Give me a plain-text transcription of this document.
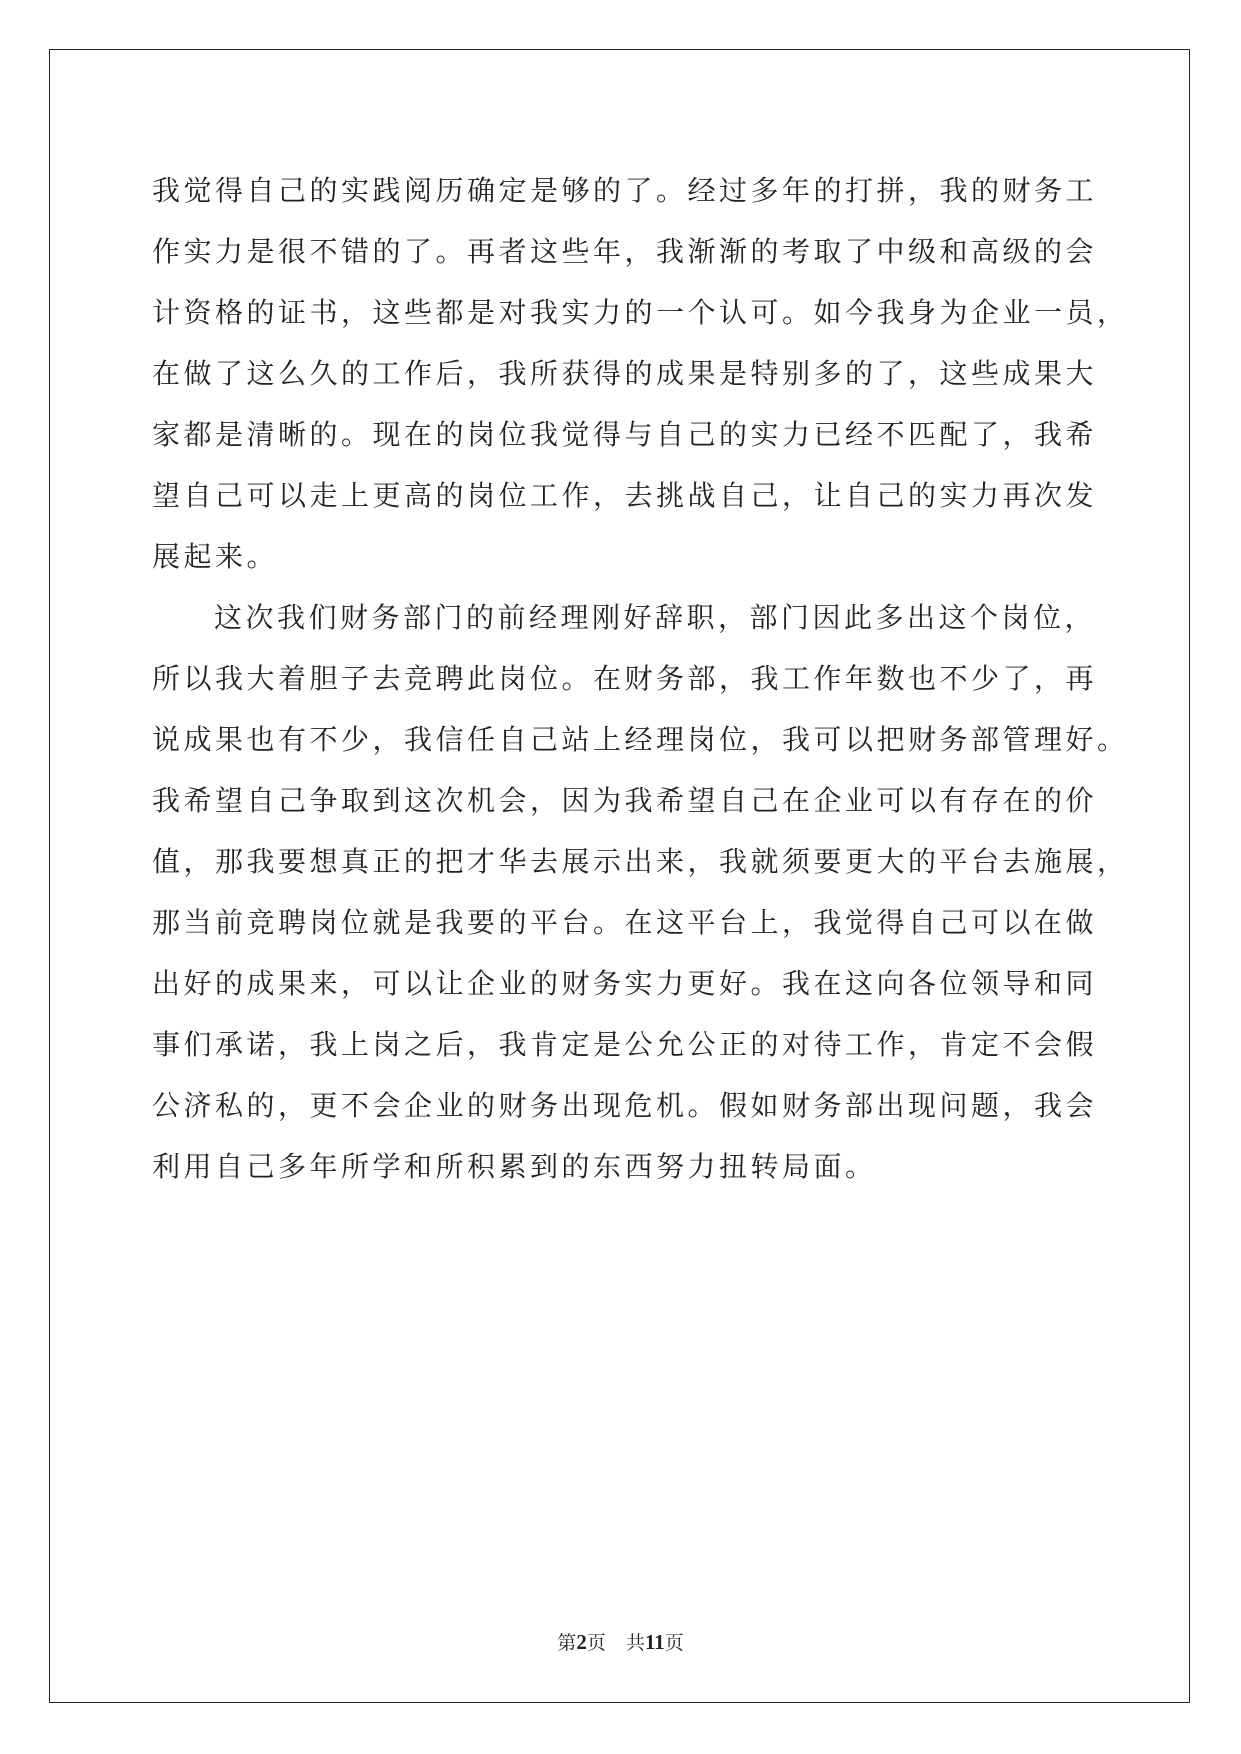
我觉得自己的实践阅历确定是够的了。经过多年的打拼，我的财务工
作实力是很不错的了。再者这些年，我渐渐的考取了中级和高级的会
计资格的证书，这些都是对我实力的一个认可。如今我身为企业一员，
在做了这么久的工作后，我所获得的成果是特别多的了，这些成果大
家都是清晰的。现在的岗位我觉得与自己的实力已经不匹配了，我希
望自己可以走上更高的岗位工作，去挑战自己，让自己的实力再次发
展起来。
这次我们财务部门的前经理刚好辞职，部门因此多出这个岗位，
所以我大着胆子去竞聘此岗位。在财务部，我工作年数也不少了，再
说成果也有不少，我信任自己站上经理岗位，我可以把财务部管理好。
我希望自己争取到这次机会，因为我希望自己在企业可以有存在的价
值，那我要想真正的把才华去展示出来，我就须要更大的平台去施展，
那当前竞聘岗位就是我要的平台。在这平台上，我觉得自己可以在做
出好的成果来，可以让企业的财务实力更好。我在这向各位领导和同
事们承诺，我上岗之后，我肯定是公允公正的对待工作，肯定不会假
公济私的，更不会企业的财务出现危机。假如财务部出现问题，我会
利用自己多年所学和所积累到的东西努力扭转局面。
第2页 共11页
